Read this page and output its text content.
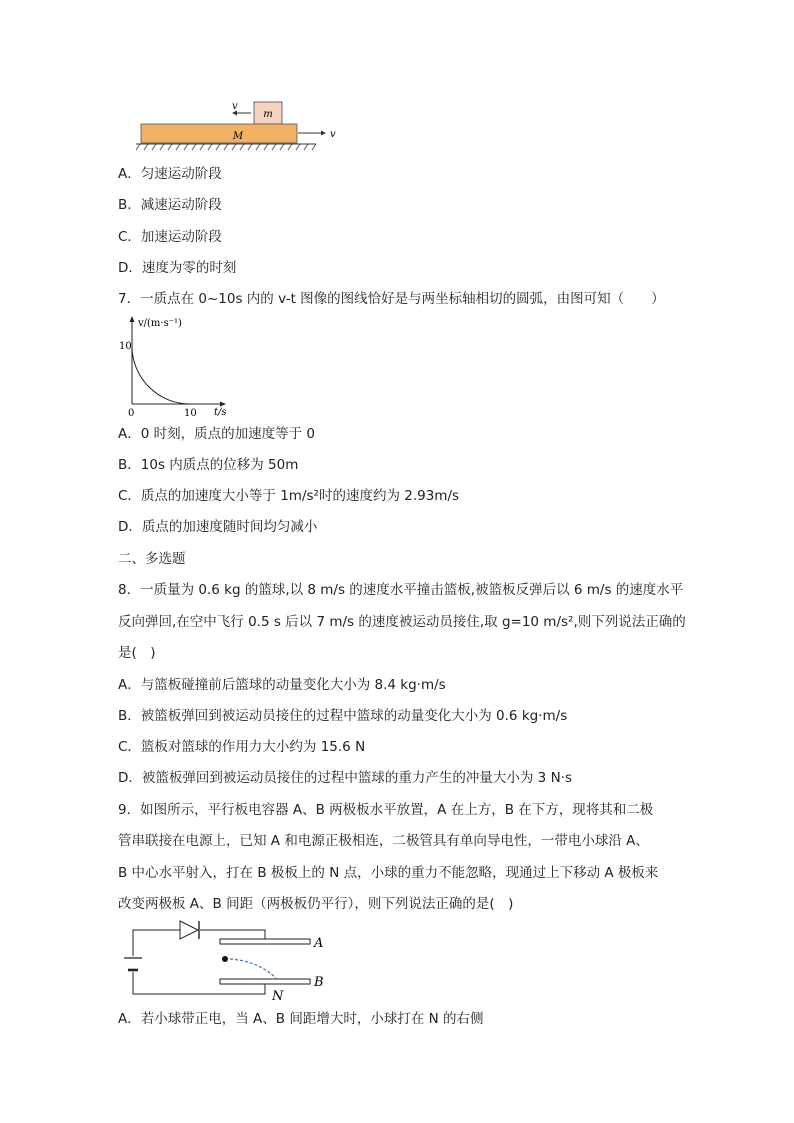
m
M
v
v
A．匀速运动阶段
B．减速运动阶段
C．加速运动阶段
D．速度为零的时刻
7．一质点在 0~10s 内的 v-t 图像的图线恰好是与两坐标轴相切的圆弧，由图可知（　　）
v/(m·s⁻¹)
10
0	10 t/s
A．0 时刻，质点的加速度等于 0
B．10s 内质点的位移为 50m
C．质点的加速度大小等于 1m/s²时的速度约为 2.93m/s
D．质点的加速度随时间均匀减小
二、多选题
8．一质量为 0.6 kg 的篮球,以 8 m/s 的速度水平撞击篮板,被篮板反弹后以 6 m/s 的速度水平
反向弹回,在空中飞行 0.5 s 后以 7 m/s 的速度被运动员接住,取 g=10 m/s²,则下列说法正确的
是(　)
A．与篮板碰撞前后篮球的动量变化大小为 8.4 kg·m/s
B．被篮板弹回到被运动员接住的过程中篮球的动量变化大小为 0.6 kg·m/s
C．篮板对篮球的作用力大小约为 15.6 N
D．被篮板弹回到被运动员接住的过程中篮球的重力产生的冲量大小为 3 N·s
9．如图所示，平行板电容器 A、B 两极板水平放置，A 在上方，B 在下方，现将其和二极
管串联接在电源上，已知 A 和电源正极相连，二极管具有单向导电性，一带电小球沿 A、
B 中心水平射入，打在 B 极板上的 N 点，小球的重力不能忽略，现通过上下移动 A 极板来
改变两极板 A、B 间距（两极板仍平行），则下列说法正确的是(　)
A
B
N
A．若小球带正电，当 A、B 间距增大时，小球打在 N 的右侧
